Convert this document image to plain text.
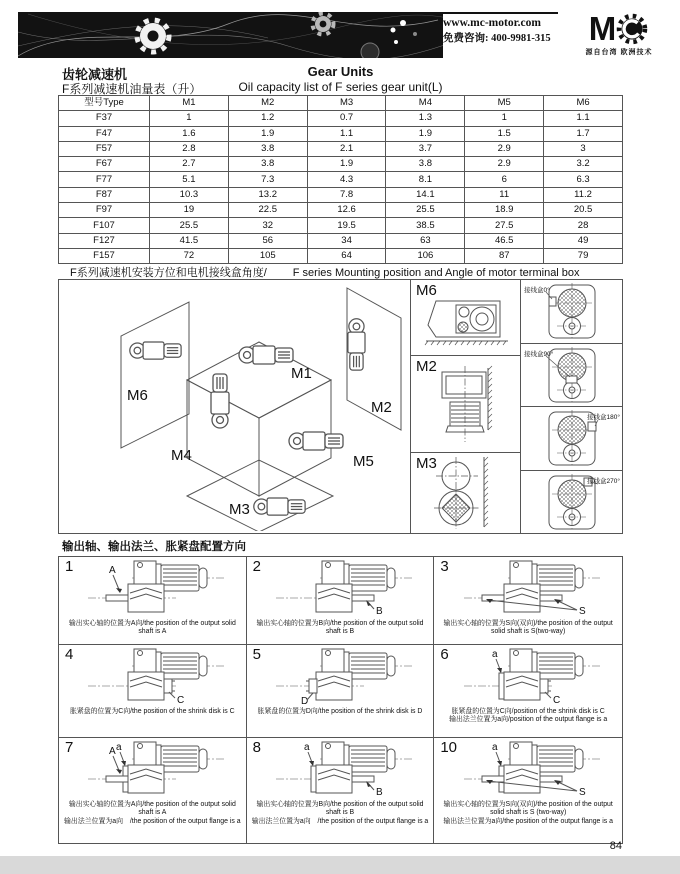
www.mc-motor.com
免费咨询: 400-9981-315 M
源自台湾 欧洲技术
齿轮减速机	Gear Units
F系列减速机油量表（升）	Oil capacity list of F series gear unit(L)
型号Type	M1	M2	M3	M4	M5	M6
F37	1	1.2	0.7	1.3	1	1.1
F47	1.6	1.9	1.1	1.9	1.5	1.7
F57	2.8	3.8	2.1	3.7	2.9	3
F67	2.7	3.8	1.9	3.8	2.9	3.2
F77	5.1	7.3	4.3	8.1	6	6.3
F87	10.3	13.2	7.8	14.1	11	11.2
F97	19	22.5	12.6	25.5	18.9	20.5
F107	25.5	32	19.5	38.5	27.5	28
F127	41.5	56	34	63	46.5	49
F157	72	105	64	106	87	79
F系列减速机安装方位和电机接线盒角度/ F series Mounting position and Angle of motor terminal box
M1
M2
M3
M4	M5
M6
M6
M2
M3
接线盒0°
接线盒90°
接线盒180°
接线盒270°
输出轴、输出法兰、胀紧盘配置方向
1	A
输出实心轴的位置为A向/the position of the output solid shaft is A
2
B
输出实心轴的位置为B向/the position of the output solid shaft is B
3
S
输出实心轴的位置为S向(双向)/the position of the output solid shaft is S(two-way)
4
C
胀紧盘的位置为C向/the position of the shrink disk is C
5
D
胀紧盘的位置为D向/the position of the shrink disk is D
6	a
C
胀紧盘的位置为C向/position of the shrink disk is C
输出法兰位置为a向/position of the output flange is a
7	a
A
输出实心轴的位置为A向/the position of the output solid shaft is A
输出法兰位置为a向　/the position of the output flange is a
8	a
B
输出实心轴的位置为B向/the position of the output solid shaft is B
输出法兰位置为a向　/the position of the output flange is a
10	a
S
输出实心轴的位置为S向(双向)/the position of the output solid shaft is S (two-way)
输出法兰位置为a向/the position of the output flange is a
84
